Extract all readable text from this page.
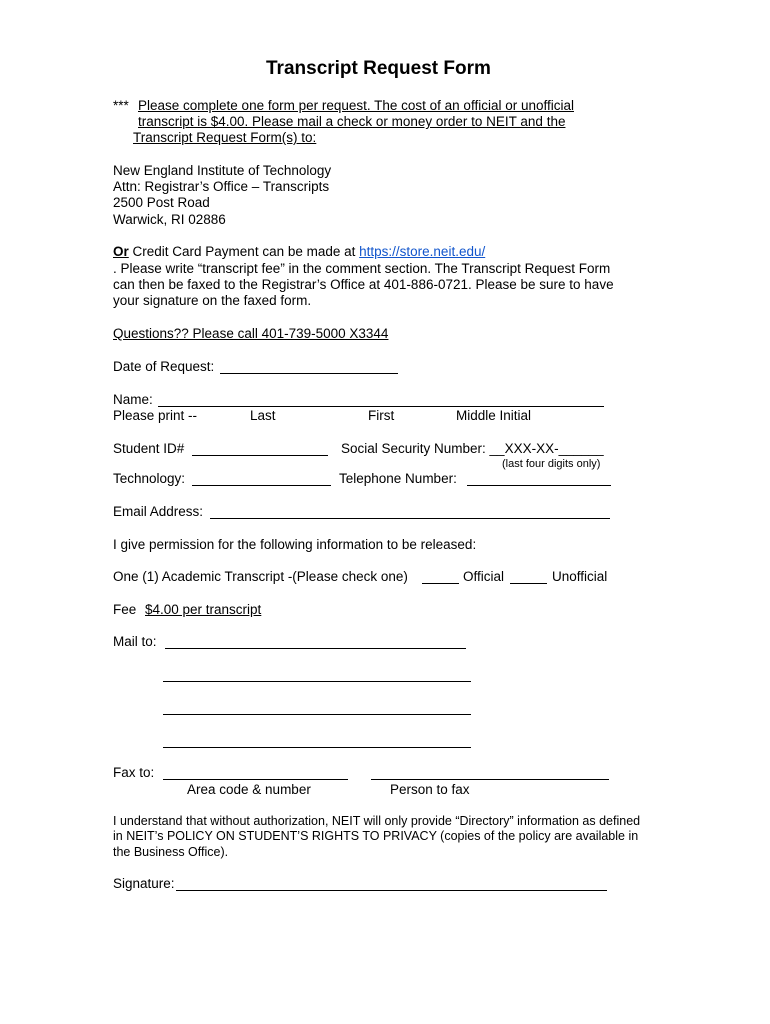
Transcript Request Form
*** Please complete one form per request. The cost of an official or unofficial
transcript is $4.00. Please mail a check or money order to NEIT and the
Transcript Request Form(s) to:
New England Institute of Technology
Attn: Registrar’s Office – Transcripts
2500 Post Road
Warwick, RI 02886
Or Credit Card Payment can be made at https://store.neit.edu/
. Please write “transcript fee” in the comment section. The Transcript Request Form
can then be faxed to the Registrar’s Office at 401-886-0721. Please be sure to have
your signature on the faxed form.
Questions?? Please call 401-739-5000 X3344
Date of Request:
Name:
Please print --	Last	First	Middle Initial
Student ID#	Social Security Number: __XXX-XX-______
(last four digits only)
Technology:	Telephone Number:
Email Address:
I give permission for the following information to be released:
One (1) Academic Transcript -(Please check one)	Official	Unofficial
Fee $4.00 per transcript
Mail to:
Fax to:
Area code & number	Person to fax
I understand that without authorization, NEIT will only provide “Directory” information as defined
in NEIT’s POLICY ON STUDENT’S RIGHTS TO PRIVACY (copies of the policy are available in
the Business Office).
Signature:
